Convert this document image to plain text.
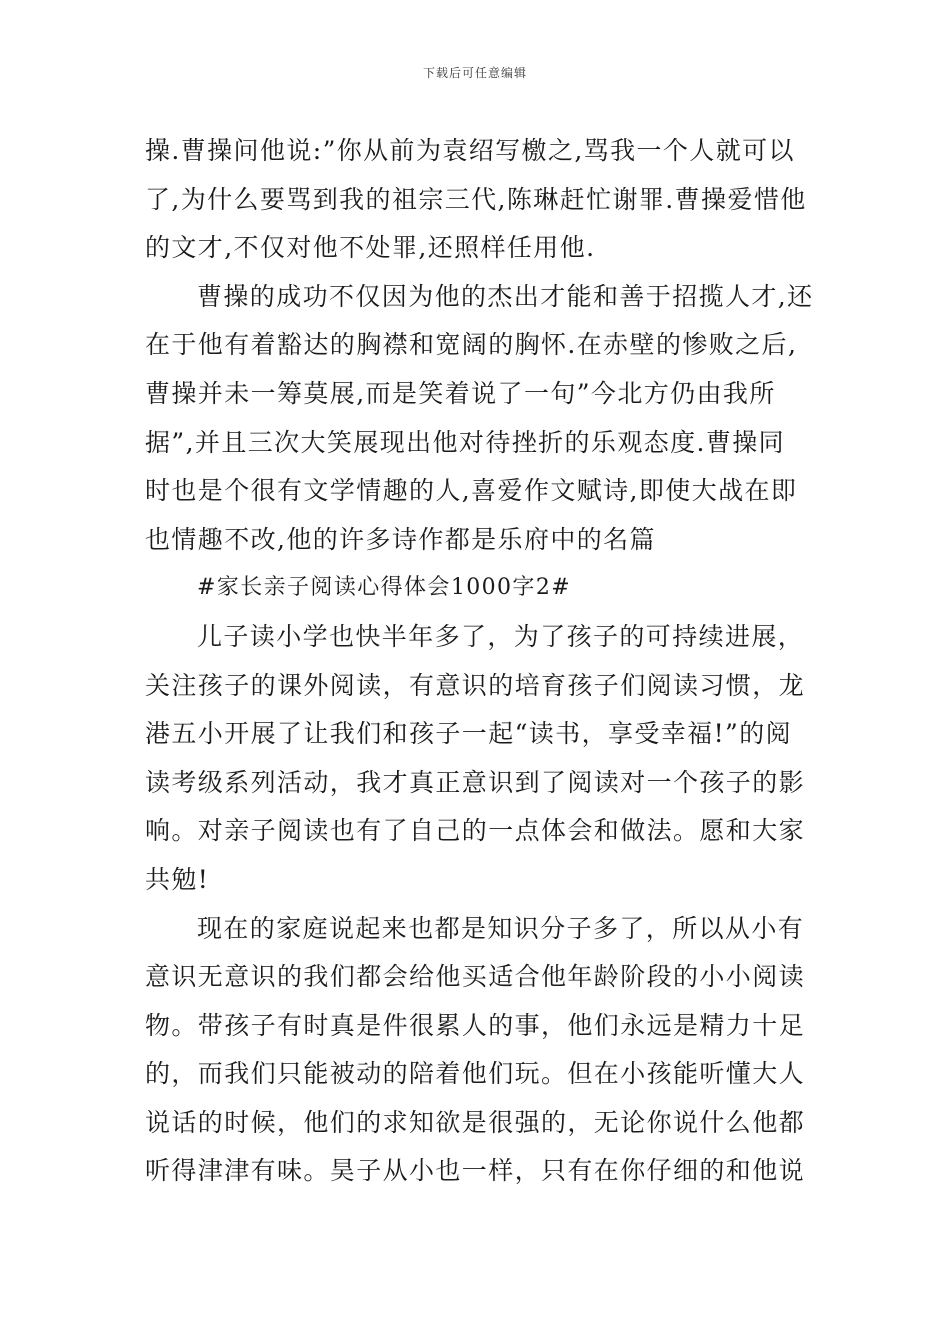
下载后可任意编辑
操.曹操问他说:”你从前为袁绍写檄之,骂我一个人就可以
了,为什么要骂到我的祖宗三代,陈琳赶忙谢罪.曹操爱惜他
的文才,不仅对他不处罪,还照样任用他.
曹操的成功不仅因为他的杰出才能和善于招揽人才,还
在于他有着豁达的胸襟和宽阔的胸怀.在赤壁的惨败之后,
曹操并未一筹莫展,而是笑着说了一句”今北方仍由我所
据”,并且三次大笑展现出他对待挫折的乐观态度.曹操同
时也是个很有文学情趣的人,喜爱作文赋诗,即使大战在即
也情趣不改,他的许多诗作都是乐府中的名篇
#家长亲子阅读心得体会1000字2#
儿子读小学也快半年多了，为了孩子的可持续进展，
关注孩子的课外阅读，有意识的培育孩子们阅读习惯，龙
港五小开展了让我们和孩子一起“读书，享受幸福!”的阅
读考级系列活动，我才真正意识到了阅读对一个孩子的影
响。对亲子阅读也有了自己的一点体会和做法。愿和大家
共勉!
现在的家庭说起来也都是知识分子多了，所以从小有
意识无意识的我们都会给他买适合他年龄阶段的小小阅读
物。带孩子有时真是件很累人的事，他们永远是精力十足
的，而我们只能被动的陪着他们玩。但在小孩能听懂大人
说话的时候，他们的求知欲是很强的，无论你说什么他都
听得津津有味。昊子从小也一样，只有在你仔细的和他说
